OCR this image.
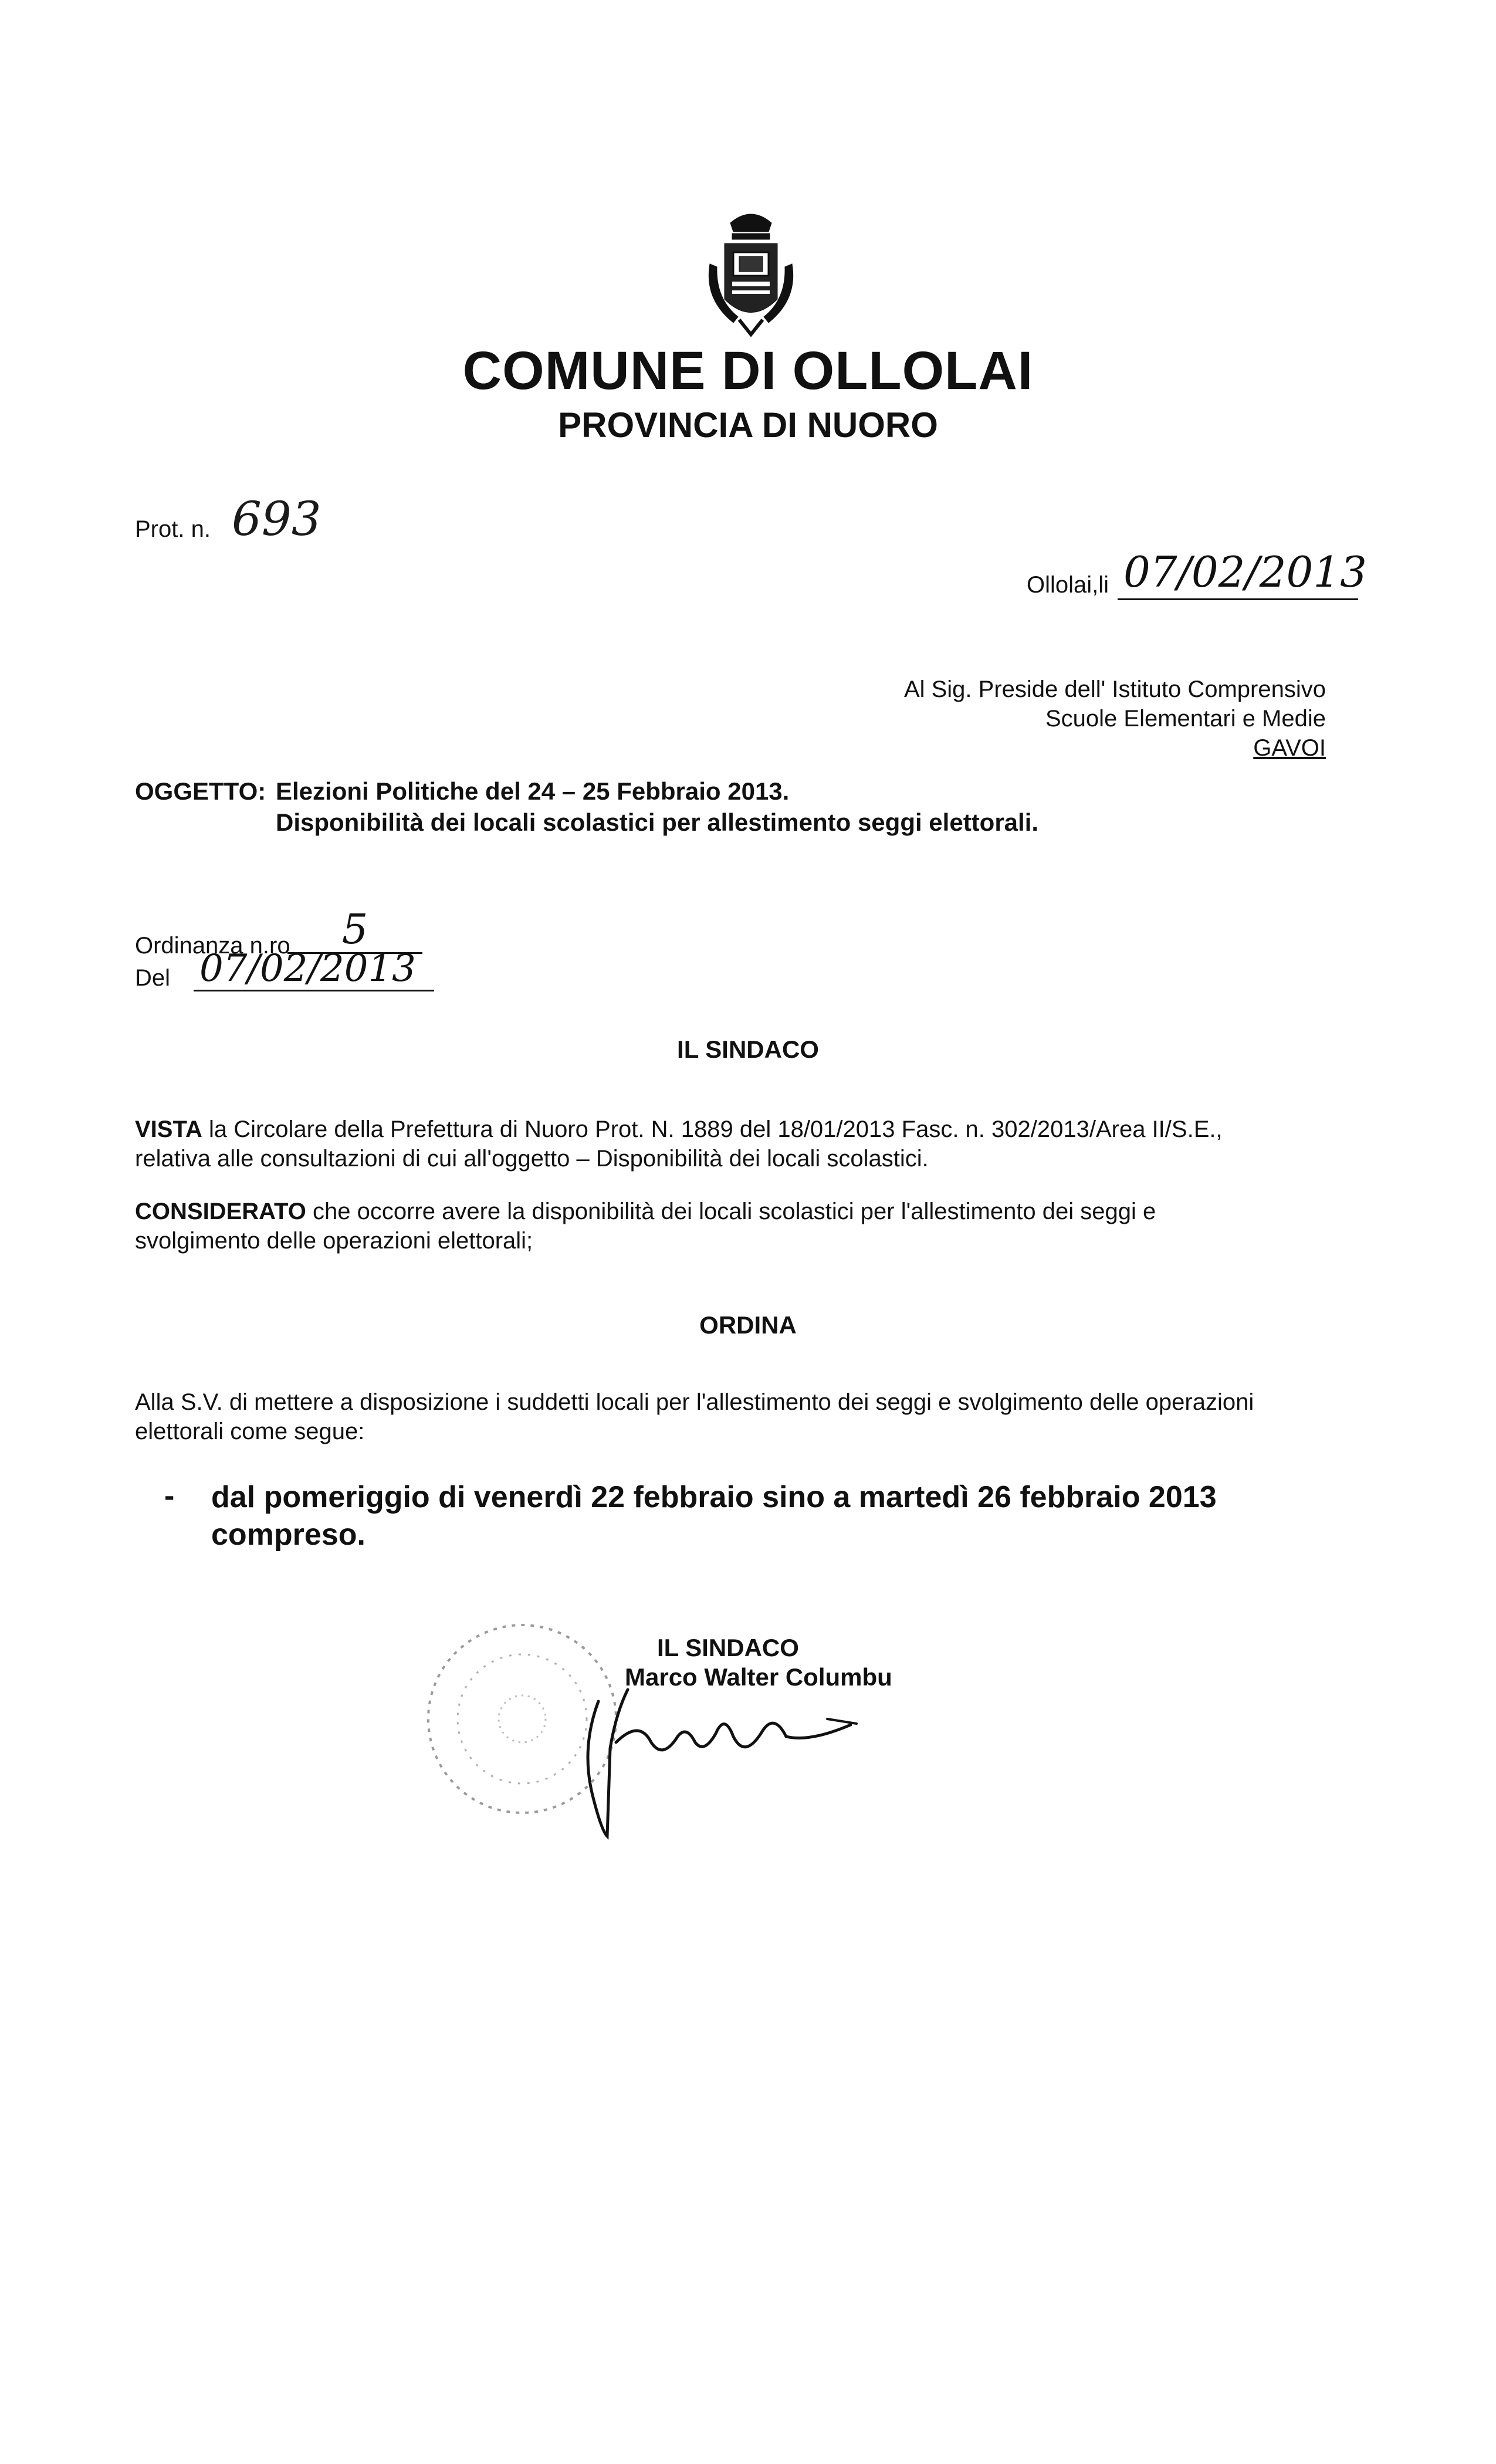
COMUNE DI OLLOLAI
PROVINCIA DI NUORO
Prot. n. 693
Ollolai,li 07/02/2013
Al Sig. Preside dell' Istituto Comprensivo
Scuole Elementari e Medie
GAVOI
OGGETTO: Elezioni Politiche del 24 – 25 Febbraio 2013.
Disponibilità dei locali scolastici per allestimento seggi elettorali.
Ordinanza n.ro	5
Del 07/02/2013
IL SINDACO
VISTA la Circolare della Prefettura di Nuoro Prot. N. 1889 del 18/01/2013 Fasc. n. 302/2013/Area II/S.E.,
relativa alle consultazioni di cui all'oggetto – Disponibilità dei locali scolastici.
CONSIDERATO che occorre avere la disponibilità dei locali scolastici per l'allestimento dei seggi e
svolgimento delle operazioni elettorali;
ORDINA
Alla S.V. di mettere a disposizione i suddetti locali per l'allestimento dei seggi e svolgimento delle operazioni
elettorali come segue:
- dal pomeriggio di venerdì 22 febbraio sino a martedì 26 febbraio 2013
compreso.
IL SINDACO
Marco Walter Columbu
